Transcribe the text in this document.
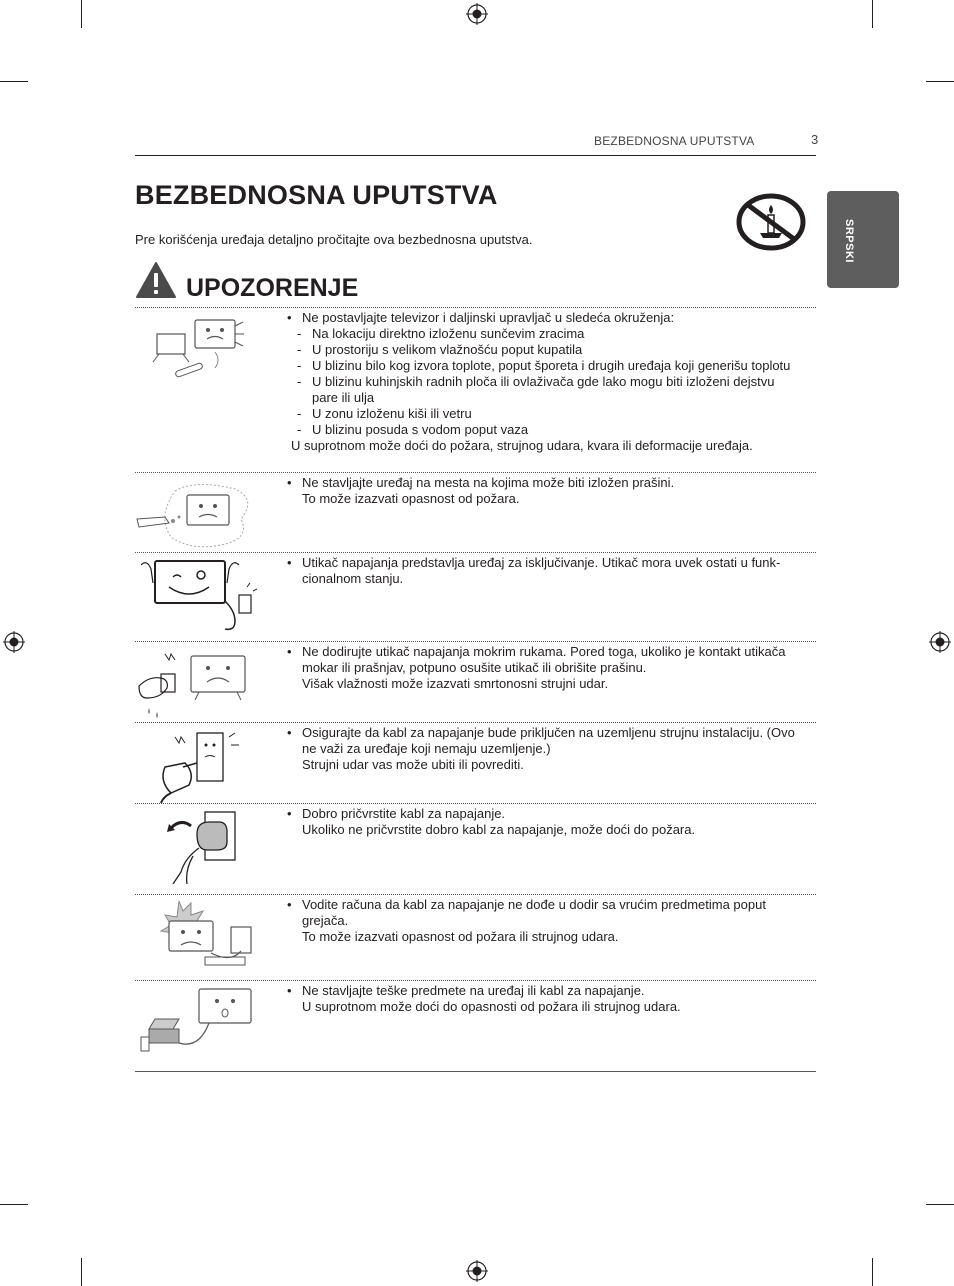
BEZBEDNOSNA UPUTSTVA	3
SRPSKI
BEZBEDNOSNA UPUTSTVA
Pre korišćenja uređaja detaljno pročitajte ova bezbednosna uputstva.
UPOZORENJE
• Ne postavljajte televizor i daljinski upravljač u sledeća okruženja:
- Na lokaciju direktno izloženu sunčevim zracima
- U prostoriju s velikom vlažnošću poput kupatila
- U blizinu bilo kog izvora toplote, poput šporeta i drugih uređaja koji generišu toplotu
- U blizinu kuhinjskih radnih ploča ili ovlaživača gde lako mogu biti izloženi dejstvu pare ili ulja
- U zonu izloženu kiši ili vetru
- U blizinu posuda s vodom poput vaza
U suprotnom može doći do požara, strujnog udara, kvara ili deformacije uređaja.
• Ne stavljajte uređaj na mesta na kojima može biti izložen prašini.
To može izazvati opasnost od požara.
• Utikač napajanja predstavlja uređaj za isključivanje. Utikač mora uvek ostati u funkcionalnom stanju.
• Ne dodirujte utikač napajanja mokrim rukama. Pored toga, ukoliko je kontakt utikača mokar ili prašnjav, potpuno osušite utikač ili obrišite prašinu.
Višak vlažnosti može izazvati smrtonosni strujni udar.
• Osigurajte da kabl za napajanje bude priključen na uzemljenu strujnu instalaciju. (Ovo ne važi za uređaje koji nemaju uzemljenje.)
Strujni udar vas može ubiti ili povrediti.
• Dobro pričvrstite kabl za napajanje.
Ukoliko ne pričvrstite dobro kabl za napajanje, može doći do požara.
• Vodite računa da kabl za napajanje ne dođe u dodir sa vrućim predmetima poput grejača.
To može izazvati opasnost od požara ili strujnog udara.
• Ne stavljajte teške predmete na uređaj ili kabl za napajanje.
U suprotnom može doći do opasnosti od požara ili strujnog udara.
